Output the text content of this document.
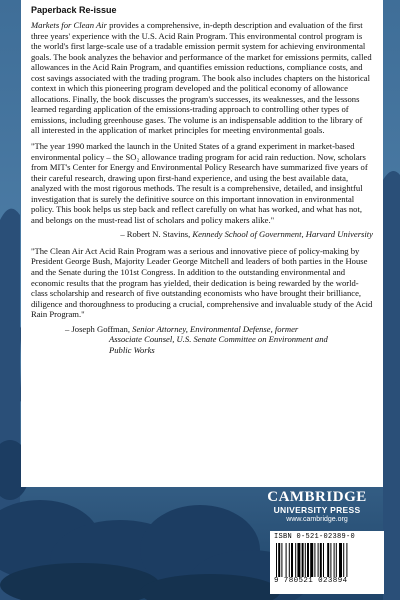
Paperback Re-issue

Markets for Clean Air provides a comprehensive, in-depth description and evaluation of the first three years' experience with the U.S. Acid Rain Program. This environmental control program is the world's first large-scale use of a tradable emission permit system for achieving environmental goals. The book analyzes the behavior and performance of the market for emissions permits, called allowances in the Acid Rain Program, and quantifies emission reductions, compliance costs, and cost savings associated with the trading program. The book also includes chapters on the historical context in which this pioneering program developed and the political economy of allowance allocations. Finally, the book discusses the program's successes, its weaknesses, and the lessons learned regarding application of the emissions-trading approach to controlling other types of emissions, including greenhouse gases. The volume is an indispensable addition to the library of all interested in the application of market principles for meeting environmental goals.

"The year 1990 marked the launch in the United States of a grand experiment in market-based environmental policy – the SO₂ allowance trading program for acid rain reduction. Now, scholars from MIT's Center for Energy and Environmental Policy Research have summarized five years of their careful research, drawing upon first-hand experience, and using the best available data, analyzed with the most rigorous methods. The result is a comprehensive, detailed, and insightful investigation that is surely the definitive source on this important innovation in environmental policy. This book helps us step back and reflect carefully on what has worked, and what has not, and belongs on the must-read list of scholars and policy makers alike."

– Robert N. Stavins, Kennedy School of Government, Harvard University

"The Clean Air Act Acid Rain Program was a serious and innovative piece of policy-making by President George Bush, Majority Leader George Mitchell and leaders of both parties in the House and the Senate during the 101st Congress. In addition to the outstanding environmental and economic results that the program has yielded, their dedication is being rewarded by the world-class scholarship and research of five outstanding economists who have brought their brilliance, diligence and thoroughness to producing a crucial, comprehensive and invaluable study of the Acid Rain Program."

– Joseph Goffman, Senior Attorney, Environmental Defense, former
Associate Counsel, U.S. Senate Committee on Environment and
Public Works

CAMBRIDGE
UNIVERSITY PRESS
www.cambridge.org
ISBN 0-521-02389-0
9 780521 023894
